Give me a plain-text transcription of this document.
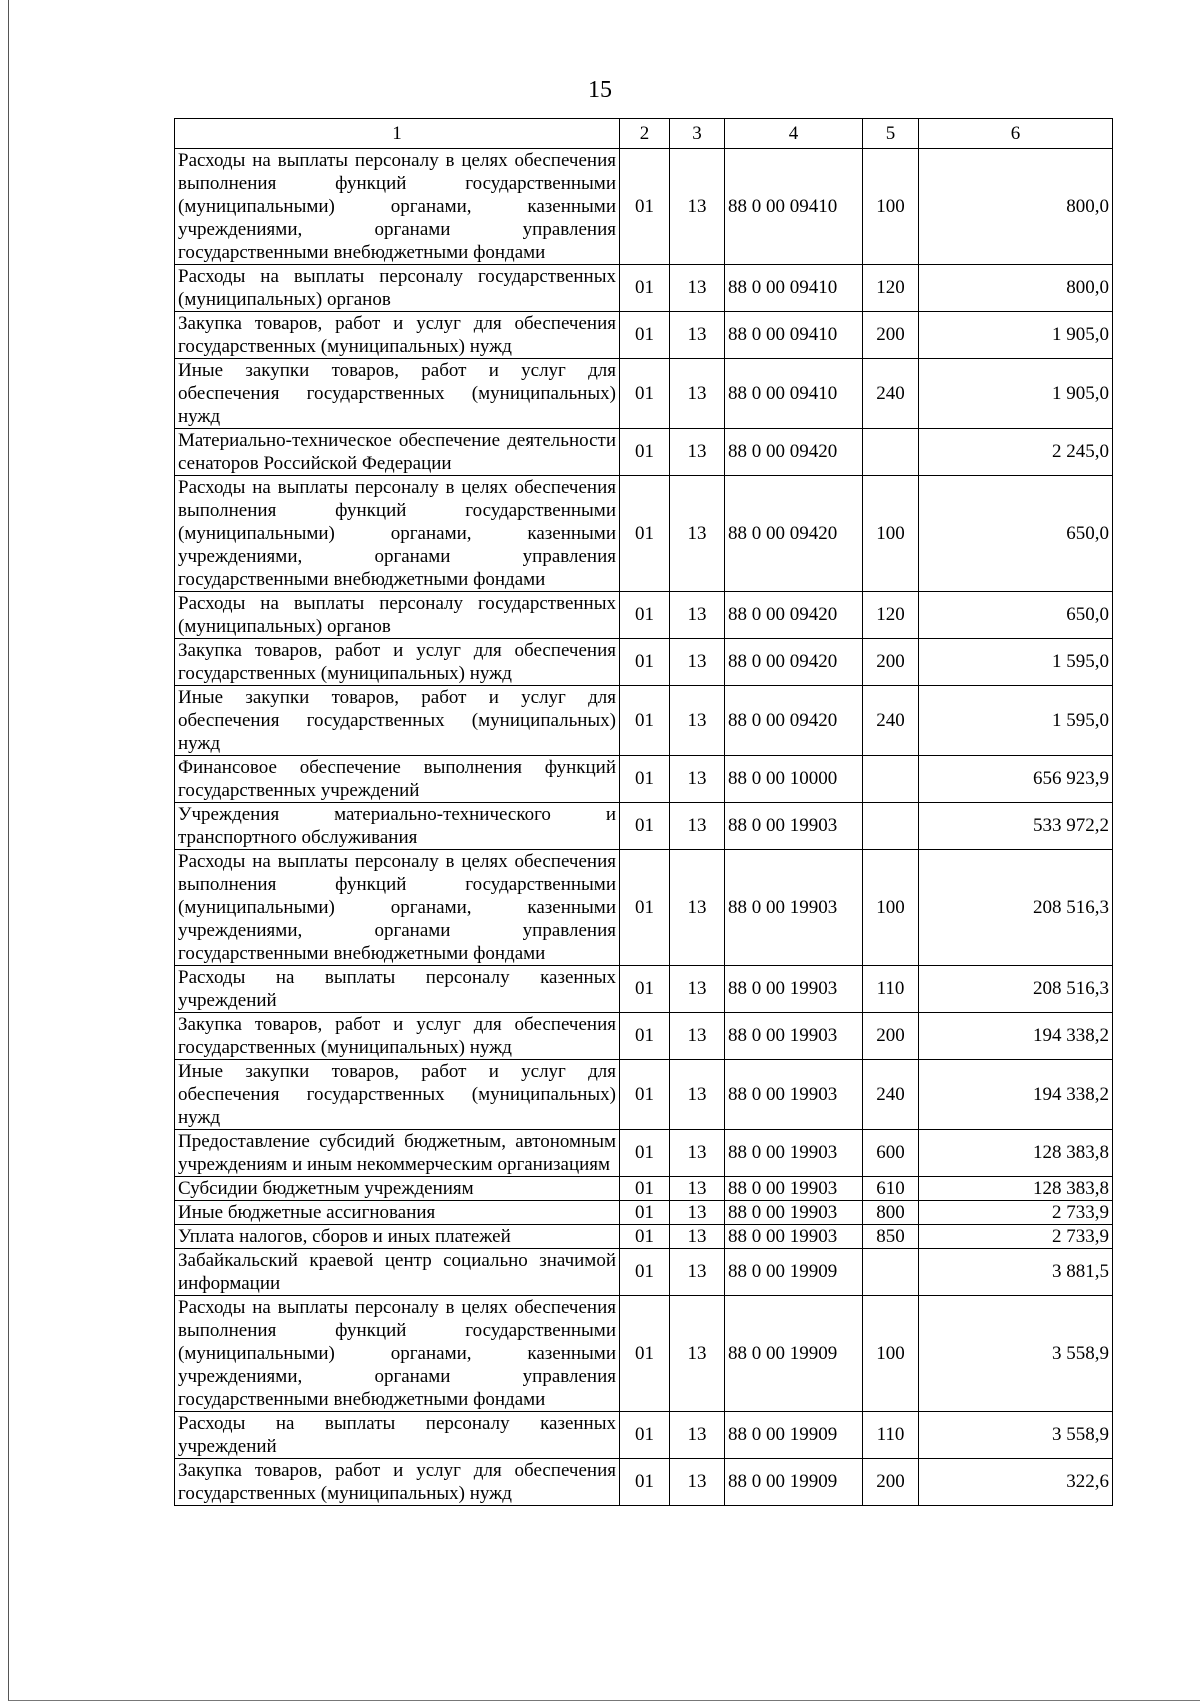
15
1	2	3	4	5	6
Расходы на выплаты персоналу в целях обеспечения выполнения функций государственными (муниципальными) органами, казенными учреждениями, органами управления государственными внебюджетными фондами	01	13	88 0 00 09410	100	800,0
Расходы на выплаты персоналу государственных (муниципальных) органов	01	13	88 0 00 09410	120	800,0
Закупка товаров, работ и услуг для обеспечения государственных (муниципальных) нужд	01	13	88 0 00 09410	200	1 905,0
Иные закупки товаров, работ и услуг для обеспечения государственных (муниципальных) нужд	01	13	88 0 00 09410	240	1 905,0
Материально-техническое обеспечение деятельности сенаторов Российской Федерации	01	13	88 0 00 09420		2 245,0
Расходы на выплаты персоналу в целях обеспечения выполнения функций государственными (муниципальными) органами, казенными учреждениями, органами управления государственными внебюджетными фондами	01	13	88 0 00 09420	100	650,0
Расходы на выплаты персоналу государственных (муниципальных) органов	01	13	88 0 00 09420	120	650,0
Закупка товаров, работ и услуг для обеспечения государственных (муниципальных) нужд	01	13	88 0 00 09420	200	1 595,0
Иные закупки товаров, работ и услуг для обеспечения государственных (муниципальных) нужд	01	13	88 0 00 09420	240	1 595,0
Финансовое обеспечение выполнения функций государственных учреждений	01	13	88 0 00 10000		656 923,9
Учреждения материально-технического и транспортного обслуживания	01	13	88 0 00 19903		533 972,2
Расходы на выплаты персоналу в целях обеспечения выполнения функций государственными (муниципальными) органами, казенными учреждениями, органами управления государственными внебюджетными фондами	01	13	88 0 00 19903	100	208 516,3
Расходы на выплаты персоналу казенных учреждений	01	13	88 0 00 19903	110	208 516,3
Закупка товаров, работ и услуг для обеспечения государственных (муниципальных) нужд	01	13	88 0 00 19903	200	194 338,2
Иные закупки товаров, работ и услуг для обеспечения государственных (муниципальных) нужд	01	13	88 0 00 19903	240	194 338,2
Предоставление субсидий бюджетным, автономным учреждениям и иным некоммерческим организациям	01	13	88 0 00 19903	600	128 383,8
Субсидии бюджетным учреждениям	01	13	88 0 00 19903	610	128 383,8
Иные бюджетные ассигнования	01	13	88 0 00 19903	800	2 733,9
Уплата налогов, сборов и иных платежей	01	13	88 0 00 19903	850	2 733,9
Забайкальский краевой центр социально значимой информации	01	13	88 0 00 19909		3 881,5
Расходы на выплаты персоналу в целях обеспечения выполнения функций государственными (муниципальными) органами, казенными учреждениями, органами управления государственными внебюджетными фондами	01	13	88 0 00 19909	100	3 558,9
Расходы на выплаты персоналу казенных учреждений	01	13	88 0 00 19909	110	3 558,9
Закупка товаров, работ и услуг для обеспечения государственных (муниципальных) нужд	01	13	88 0 00 19909	200	322,6
